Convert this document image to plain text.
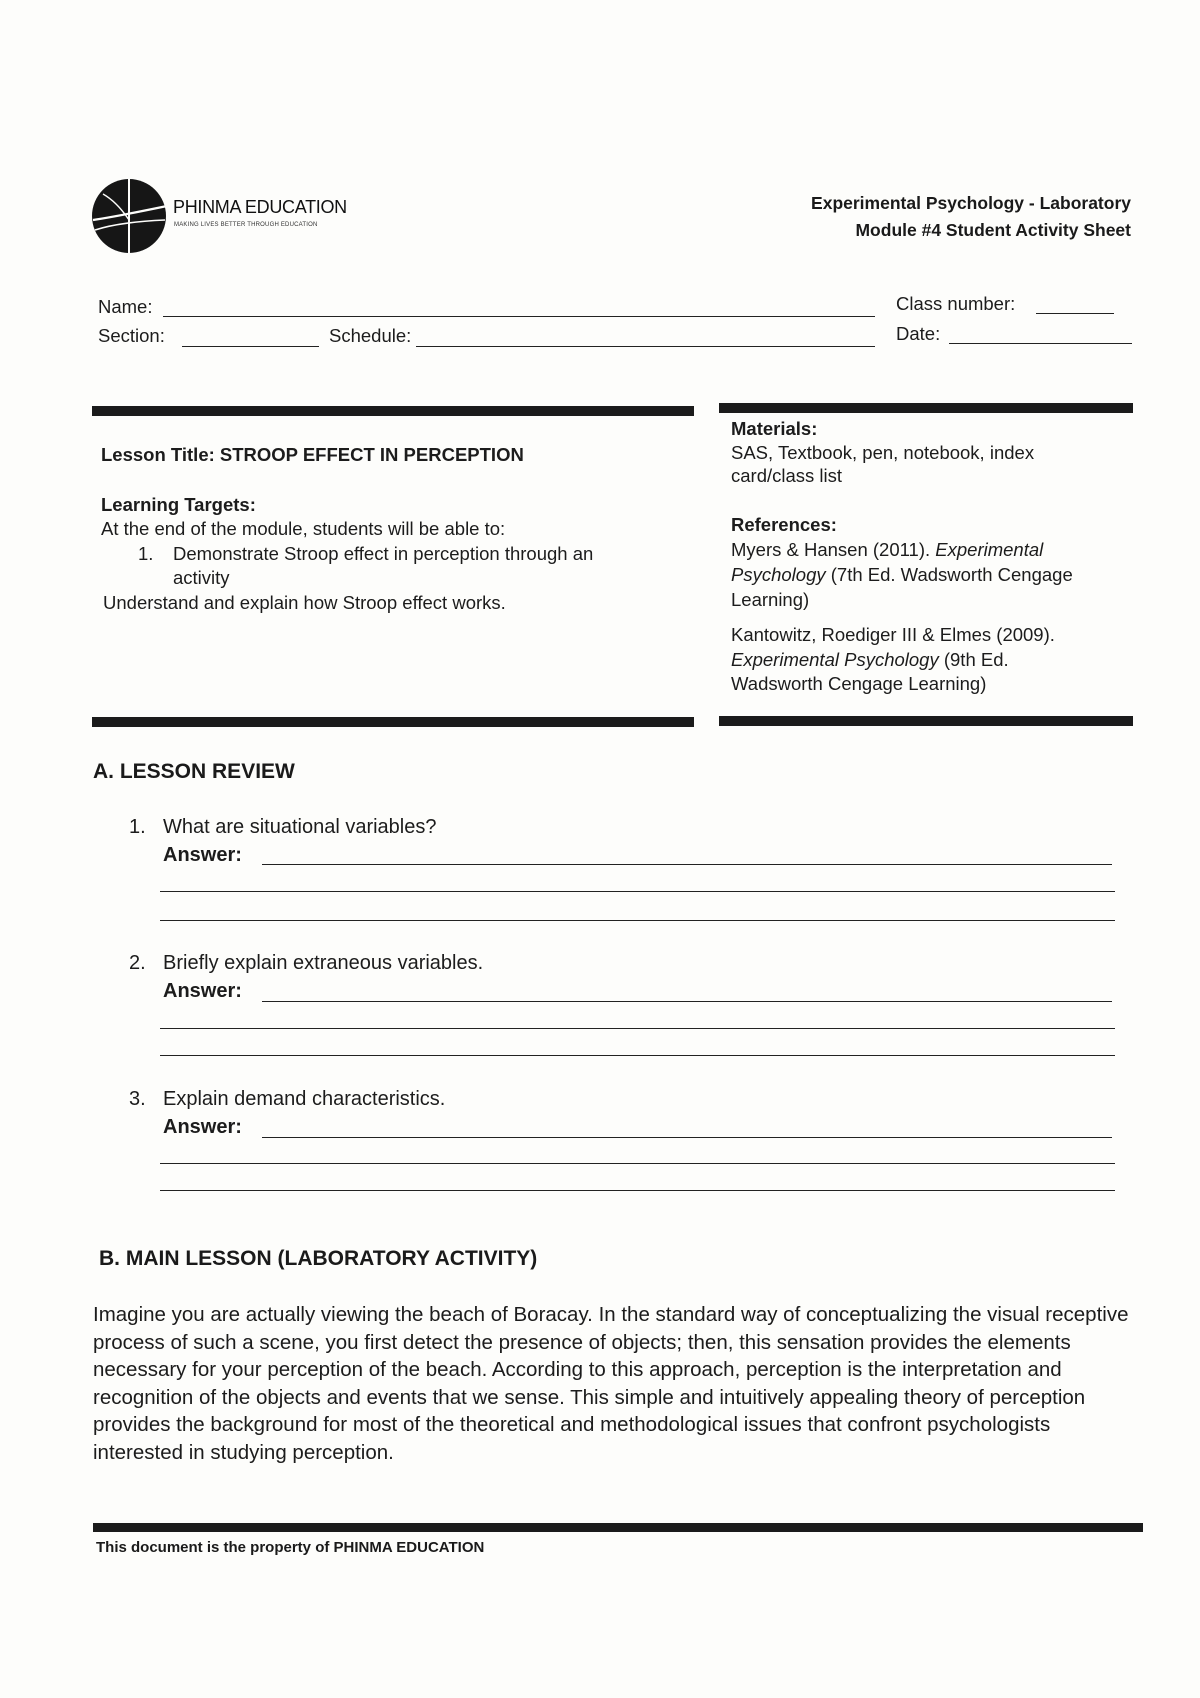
PHINMA EDUCATION
MAKING LIVES BETTER THROUGH EDUCATION
Experimental Psychology - Laboratory
Module #4 Student Activity Sheet
Name:
Section:	Schedule:
Class number:
Date:
Lesson Title: STROOP EFFECT IN PERCEPTION
Learning Targets:
At the end of the module, students will be able to:
1. Demonstrate Stroop effect in perception through an
activity
Understand and explain how Stroop effect works.
Materials:
SAS, Textbook, pen, notebook, index
card/class list
References:
Myers & Hansen (2011). Experimental
Psychology (7th Ed. Wadsworth Cengage
Learning)
Kantowitz, Roediger III & Elmes (2009).
Experimental Psychology (9th Ed.
Wadsworth Cengage Learning)
A. LESSON REVIEW
1. What are situational variables?
Answer:
2. Briefly explain extraneous variables.
Answer:
3. Explain demand characteristics.
Answer:
B. MAIN LESSON (LABORATORY ACTIVITY)
Imagine you are actually viewing the beach of Boracay. In the standard way of conceptualizing the visual receptive process of such a scene, you first detect the presence of objects; then, this sensation provides the elements necessary for your perception of the beach. According to this approach, perception is the interpretation and recognition of the objects and events that we sense. This simple and intuitively appealing theory of perception provides the background for most of the theoretical and methodological issues that confront psychologists interested in studying perception.
This document is the property of PHINMA EDUCATION
